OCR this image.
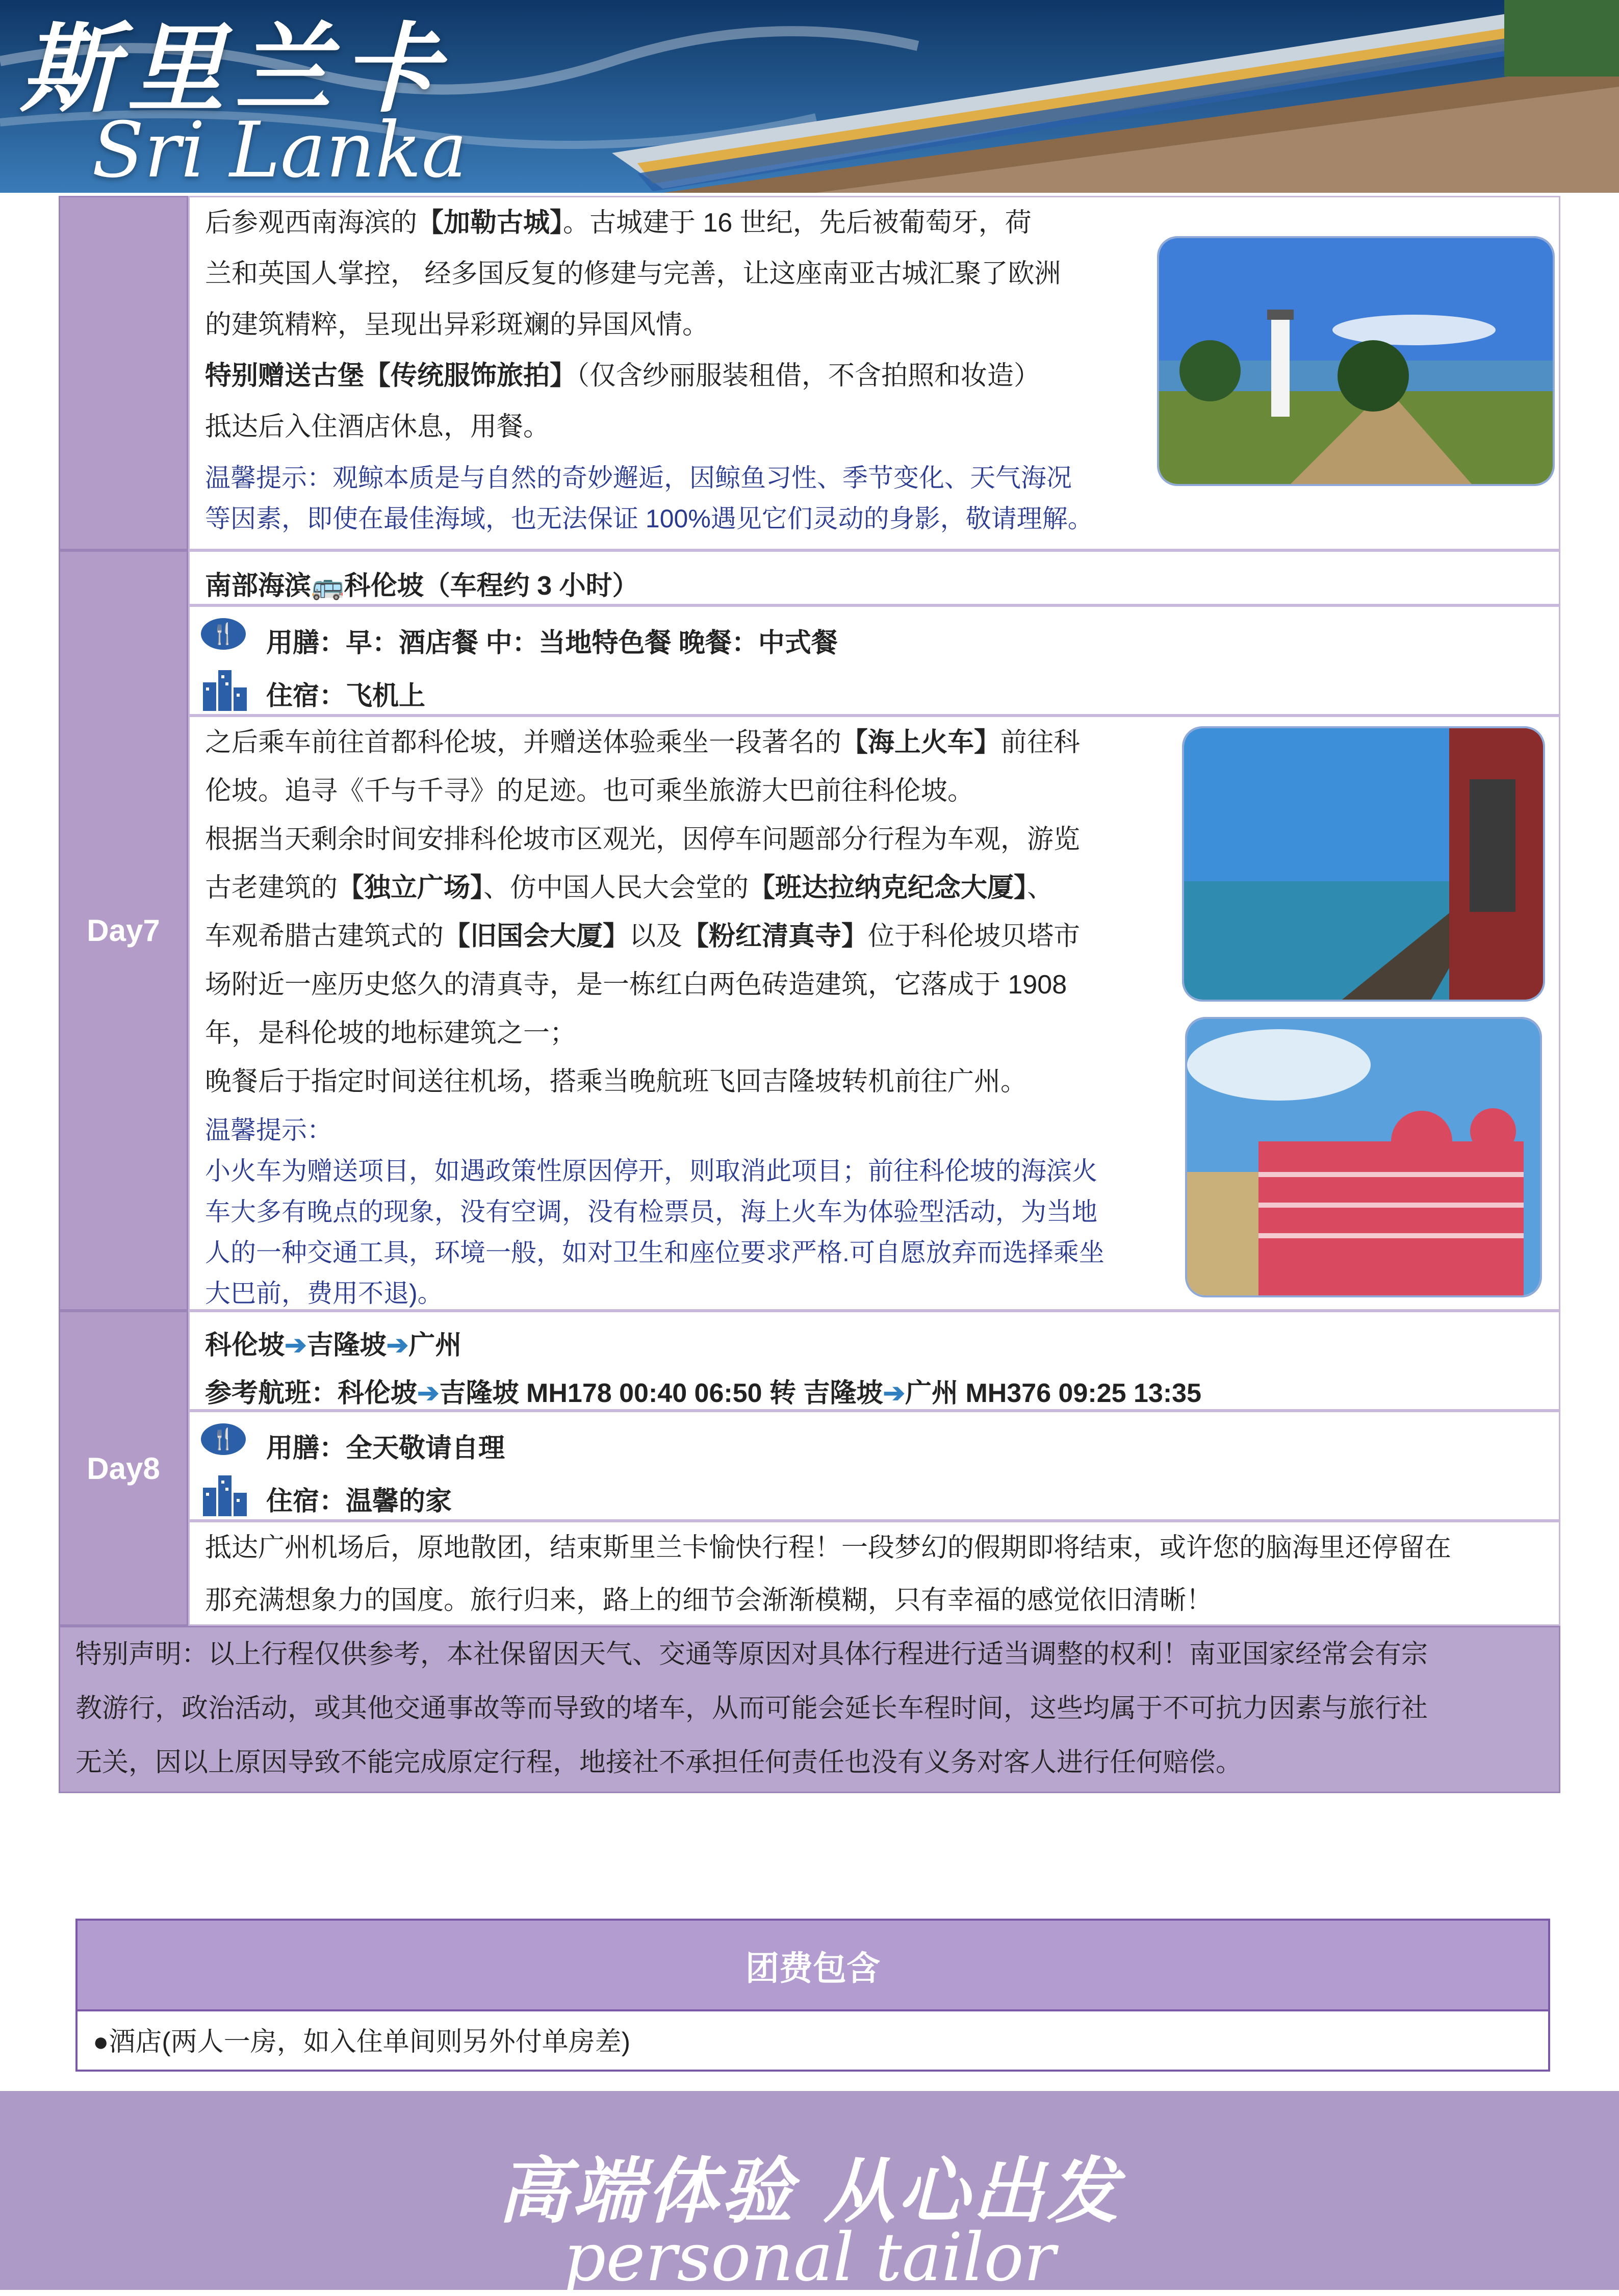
斯里兰卡
Sri Lanka
后参观西南海滨的【加勒古城】。古城建于 16 世纪，先后被葡萄牙，荷
兰和英国人掌控， 经多国反复的修建与完善，让这座南亚古城汇聚了欧洲
的建筑精粹，呈现出异彩斑斓的异国风情。
特别赠送古堡【传统服饰旅拍】（仅含纱丽服装租借，不含拍照和妆造）
抵达后入住酒店休息，用餐。
温馨提示：观鲸本质是与自然的奇妙邂逅，因鲸鱼习性、季节变化、天气海况
等因素，即使在最佳海域，也无法保证 100%遇见它们灵动的身影，敬请理解。
Day7
南部海滨🚌科伦坡（车程约 3 小时）
🍴	用膳：早：酒店餐 中：当地特色餐 晚餐：中式餐
住宿：飞机上
之后乘车前往首都科伦坡，并赠送体验乘坐一段著名的【海上火车】前往科
伦坡。追寻《千与千寻》的足迹。也可乘坐旅游大巴前往科伦坡。
根据当天剩余时间安排科伦坡市区观光，因停车问题部分行程为车观，游览
古老建筑的【独立广场】、仿中国人民大会堂的【班达拉纳克纪念大厦】、
车观希腊古建筑式的【旧国会大厦】以及【粉红清真寺】位于科伦坡贝塔市
场附近一座历史悠久的清真寺，是一栋红白两色砖造建筑，它落成于 1908
年，是科伦坡的地标建筑之一；
晚餐后于指定时间送往机场，搭乘当晚航班飞回吉隆坡转机前往广州。
温馨提示：
小火车为赠送项目，如遇政策性原因停开，则取消此项目；前往科伦坡的海滨火
车大多有晚点的现象，没有空调，没有检票员，海上火车为体验型活动，为当地
人的一种交通工具，环境一般，如对卫生和座位要求严格.可自愿放弃而选择乘坐
大巴前，费用不退)。
Day8
科伦坡➔吉隆坡➔广州
参考航班：科伦坡➔吉隆坡 MH178 00:40 06:50 转 吉隆坡➔广州 MH376 09:25 13:35
🍴	用膳：全天敬请自理
住宿：温馨的家
抵达广州机场后，原地散团，结束斯里兰卡愉快行程！一段梦幻的假期即将结束，或许您的脑海里还停留在
那充满想象力的国度。旅行归来，路上的细节会渐渐模糊，只有幸福的感觉依旧清晰！
特别声明：以上行程仅供参考，本社保留因天气、交通等原因对具体行程进行适当调整的权利！南亚国家经常会有宗
教游行，政治活动，或其他交通事故等而导致的堵车，从而可能会延长车程时间，这些均属于不可抗力因素与旅行社
无关，因以上原因导致不能完成原定行程，地接社不承担任何责任也没有义务对客人进行任何赔偿。
团费包含
●酒店(两人一房，如入住单间则另外付单房差)
高端体验 从心出发
personal tailor
